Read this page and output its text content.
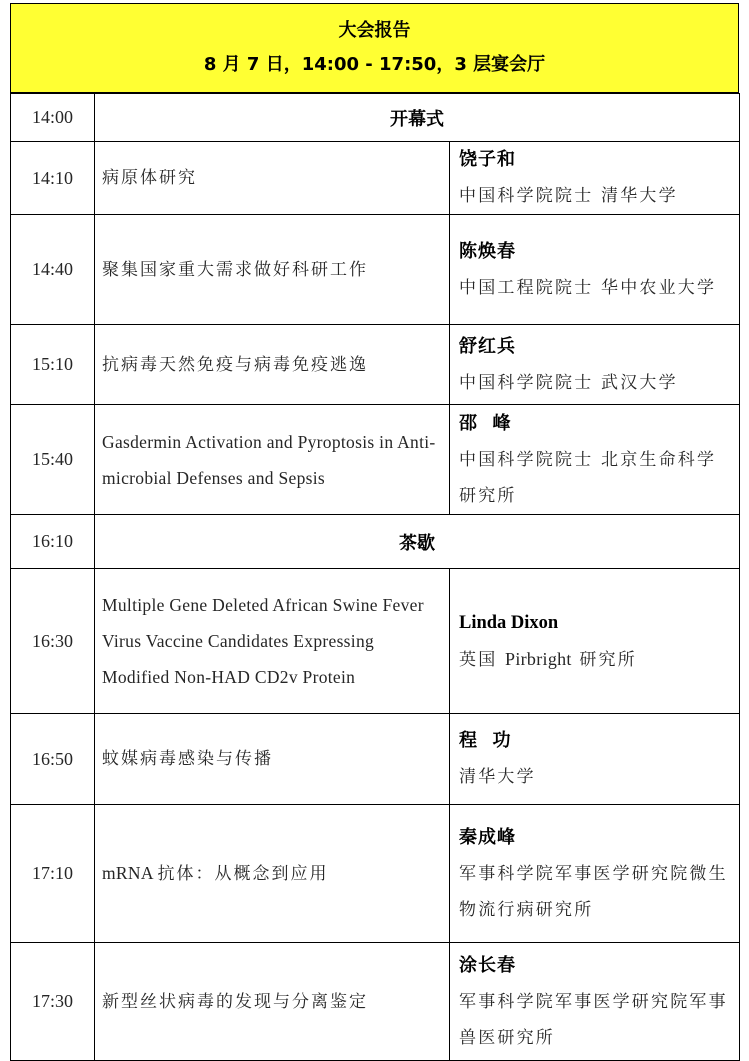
大会报告
8 月 7 日，14:00 - 17:50，3 层宴会厅
14:00	开幕式	
14:10	病原体研究	饶子和
中国科学院院士 清华大学

14:40	聚集国家重大需求做好科研工作	陈焕春
中国工程院院士 华中农业大学

15:10	抗病毒天然免疫与病毒免疫逃逸	舒红兵
中国科学院院士 武汉大学

15:40	Gasdermin Activation and Pyroptosis in Anti-microbial Defenses and Sepsis	邵  峰
中国科学院院士 北京生命科学研究所

16:10	茶歇	
16:30	Multiple Gene Deleted African Swine Fever Virus Vaccine Candidates Expressing Modified Non-HAD CD2v Protein	Linda Dixon
英国 Pirbright 研究所

16:50	蚊媒病毒感染与传播	程  功
清华大学

17:10	mRNA 抗体：从概念到应用	秦成峰
军事科学院军事医学研究院微生物流行病研究所

17:30	新型丝状病毒的发现与分离鉴定	涂长春
军事科学院军事医学研究院军事兽医研究所
